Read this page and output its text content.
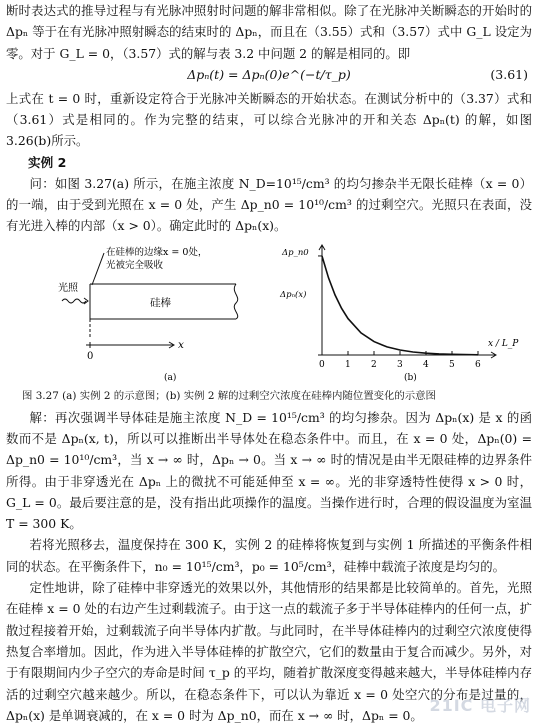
断时表达式的推导过程与有光脉冲照射时问题的解非常相似。除了在光脉冲关断瞬态的开始时的 Δpₙ 等于在有光脉冲照射瞬态的结束时的 Δpₙ，而且在（3.55）式和（3.57）式中 G_L 设定为零。对于 G_L = 0，（3.57）式的解与表 3.2 中问题 2 的解是相同的。即

Δpₙ(t) = Δpₙ(0)e^(−t/τ_p)	(3.61)

上式在 t = 0 时，重新设定符合于光脉冲关断瞬态的开始状态。在测试分析中的（3.37）式和（3.61）式是相同的。作为完整的结束，可以综合光脉冲的开和关态 Δpₙ(t) 的解，如图 3.26(b)所示。

实例 2

问：如图 3.27(a) 所示，在施主浓度 N_D=10¹⁵/cm³ 的均匀掺杂半无限长硅棒（x = 0）的一端，由于受到光照在 x = 0 处，产生 Δp_n0 = 10¹⁰/cm³ 的过剩空穴。光照只在表面，没有光进入棒的内部（x > 0）。确定此时的 Δpₙ(x)。

光照
在硅棒的边缘x = 0处，
光被完全吸收
硅棒
0
x
(a)
0 1 2 3 4 5 6
Δp_n0
Δpₙ(x)
x / L_P
(b)
图 3.27 (a) 实例 2 的示意图；(b) 实例 2 解的过剩空穴浓度在硅棒内随位置变化的示意图

解：再次强调半导体硅是施主浓度 N_D = 10¹⁵/cm³ 的均匀掺杂。因为 Δpₙ(x) 是 x 的函数而不是 Δpₙ(x, t)，所以可以推断出半导体处在稳态条件中。而且，在 x = 0 处，Δpₙ(0) = Δp_n0 = 10¹⁰/cm³，当 x → ∞ 时，Δpₙ → 0。当 x → ∞ 时的情况是由半无限硅棒的边界条件所得。由于非穿透光在 Δpₙ 上的微扰不可能延伸至 x = ∞。光的非穿透特性使得 x > 0 时，G_L = 0。最后要注意的是，没有指出此项操作的温度。当操作进行时，合理的假设温度为室温 T = 300 K。

若将光照移去，温度保持在 300 K，实例 2 的硅棒将恢复到与实例 1 所描述的平衡条件相同的状态。在平衡条件下，n₀ = 10¹⁵/cm³，p₀ = 10⁵/cm³，硅棒中载流子浓度是均匀的。

定性地讲，除了硅棒中非穿透光的效果以外，其他情形的结果都是比较简单的。首先，光照在硅棒 x = 0 处的右边产生过剩载流子。由于这一点的载流子多于半导体硅棒内的任何一点，扩散过程接着开始，过剩载流子向半导体内扩散。与此同时，在半导体硅棒内的过剩空穴浓度使得热复合率增加。因此，作为进入半导体硅棒的扩散空穴，它们的数量由于复合而减少。另外，对于有限期间内少子空穴的寿命是时间 τ_p 的平均，随着扩散深度变得越来越大，半导体硅棒内存活的过剩空穴越来越少。所以，在稳态条件下，可以认为靠近 x = 0 处空穴的分布是过量的，Δpₙ(x) 是单调衰减的，在 x = 0 时为 Δp_n0，而在 x → ∞ 时，Δpₙ = 0。

21IC 电子网
